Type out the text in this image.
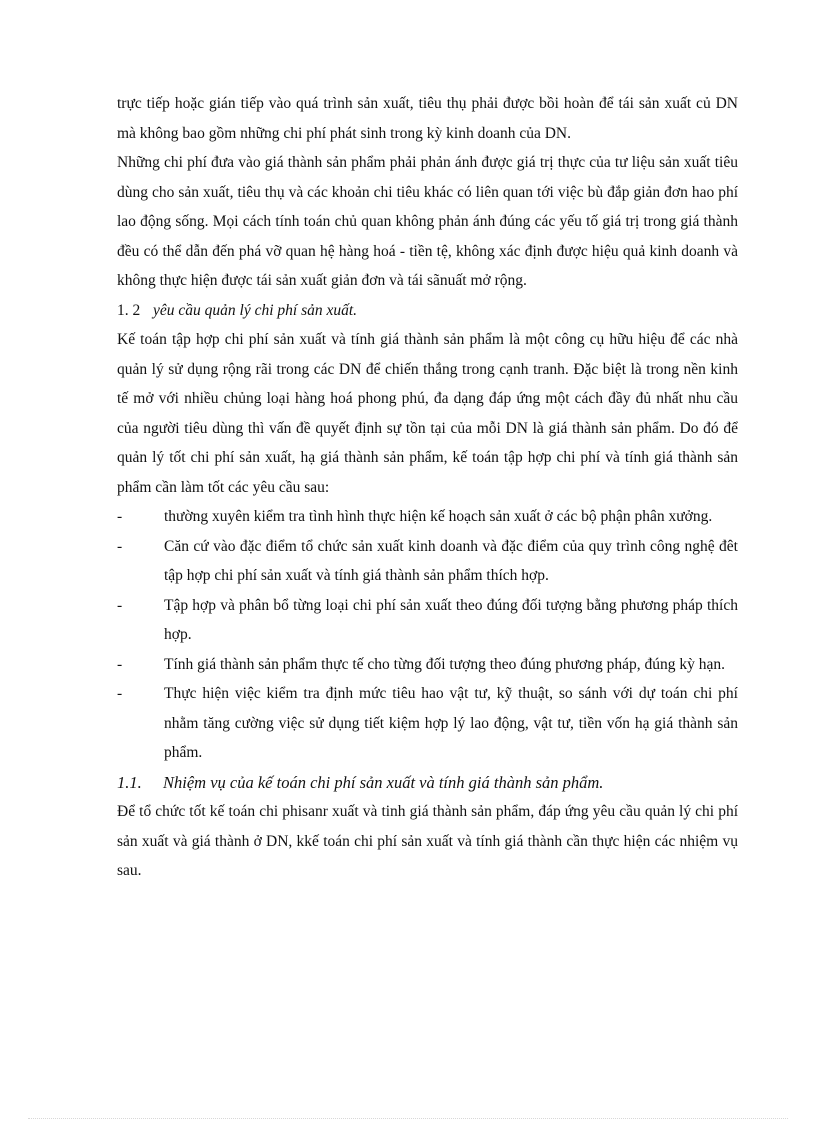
trực tiếp hoặc gián tiếp vào quá trình sản xuất, tiêu thụ phải được bồi hoàn để tái sản xuất củ DN mà không bao gồm những chi phí phát sinh trong kỳ kinh doanh của DN.

Những chi phí đưa vào giá thành sản phẩm phải phản ánh được giá trị thực của tư liệu sản xuất tiêu dùng cho sản xuất, tiêu thụ và các khoản chi tiêu khác có liên quan tới việc bù đắp giản đơn hao phí lao động sống. Mọi cách tính toán chủ quan không phản ánh đúng các yếu tố giá trị trong giá thành đều có thể dẫn đến phá vỡ quan hệ hàng hoá - tiền tệ, không xác định được hiệu quả kinh doanh và không thực hiện được tái sản xuất giản đơn và tái sãnuất mở rộng.

1. 2 yêu cầu quản lý chi phí sản xuất.

Kế toán tập hợp chi phí sản xuất và tính giá thành sản phẩm là một công cụ hữu hiệu để các nhà quản lý sử dụng rộng rãi trong các DN để chiến thắng trong cạnh tranh. Đặc biệt là trong nền kinh tế mở với nhiều chủng loại hàng hoá phong phú, đa dạng đáp ứng một cách đầy đủ nhất nhu cầu của người tiêu dùng thì vấn đề quyết định sự tồn tại của mỗi DN là giá thành sản phẩm. Do đó để quản lý tốt chi phí sản xuất, hạ giá thành sản phẩm, kế toán tập hợp chi phí và tính giá thành sản phẩm cần làm tốt các yêu cầu sau:

-	thường xuyên kiểm tra tình hình thực hiện kế hoạch sản xuất ở các bộ phận phân xưởng.
-	Căn cứ vào đặc điểm tổ chức sản xuất kinh doanh và đặc điểm của quy trình công nghệ đêt tập hợp chi phí sản xuất và tính giá thành sản phẩm thích hợp.
-	Tập hợp và phân bổ từng loại chi phí sản xuất theo đúng đối tượng bằng phương pháp thích hợp.
-	Tính giá thành sản phẩm thực tế cho từng đối tượng theo đúng phương pháp, đúng kỳ hạn.
-	Thực hiện việc kiểm tra định mức tiêu hao vật tư, kỹ thuật, so sánh với dự toán chi phí nhằm tăng cường việc sử dụng tiết kiệm hợp lý lao động, vật tư, tiền vốn hạ giá thành sản phẩm.
1.1.	Nhiệm vụ của kế toán chi phí sản xuất và tính giá thành sản phẩm.

Để tổ chức tốt kế toán chi phisanr xuất và tinh giá thành sản phẩm, đáp ứng yêu cầu quản lý chi phí sản xuất và giá thành ở DN, kkế toán chi phí sản xuất và tính giá thành cần thực hiện các nhiệm vụ sau.
